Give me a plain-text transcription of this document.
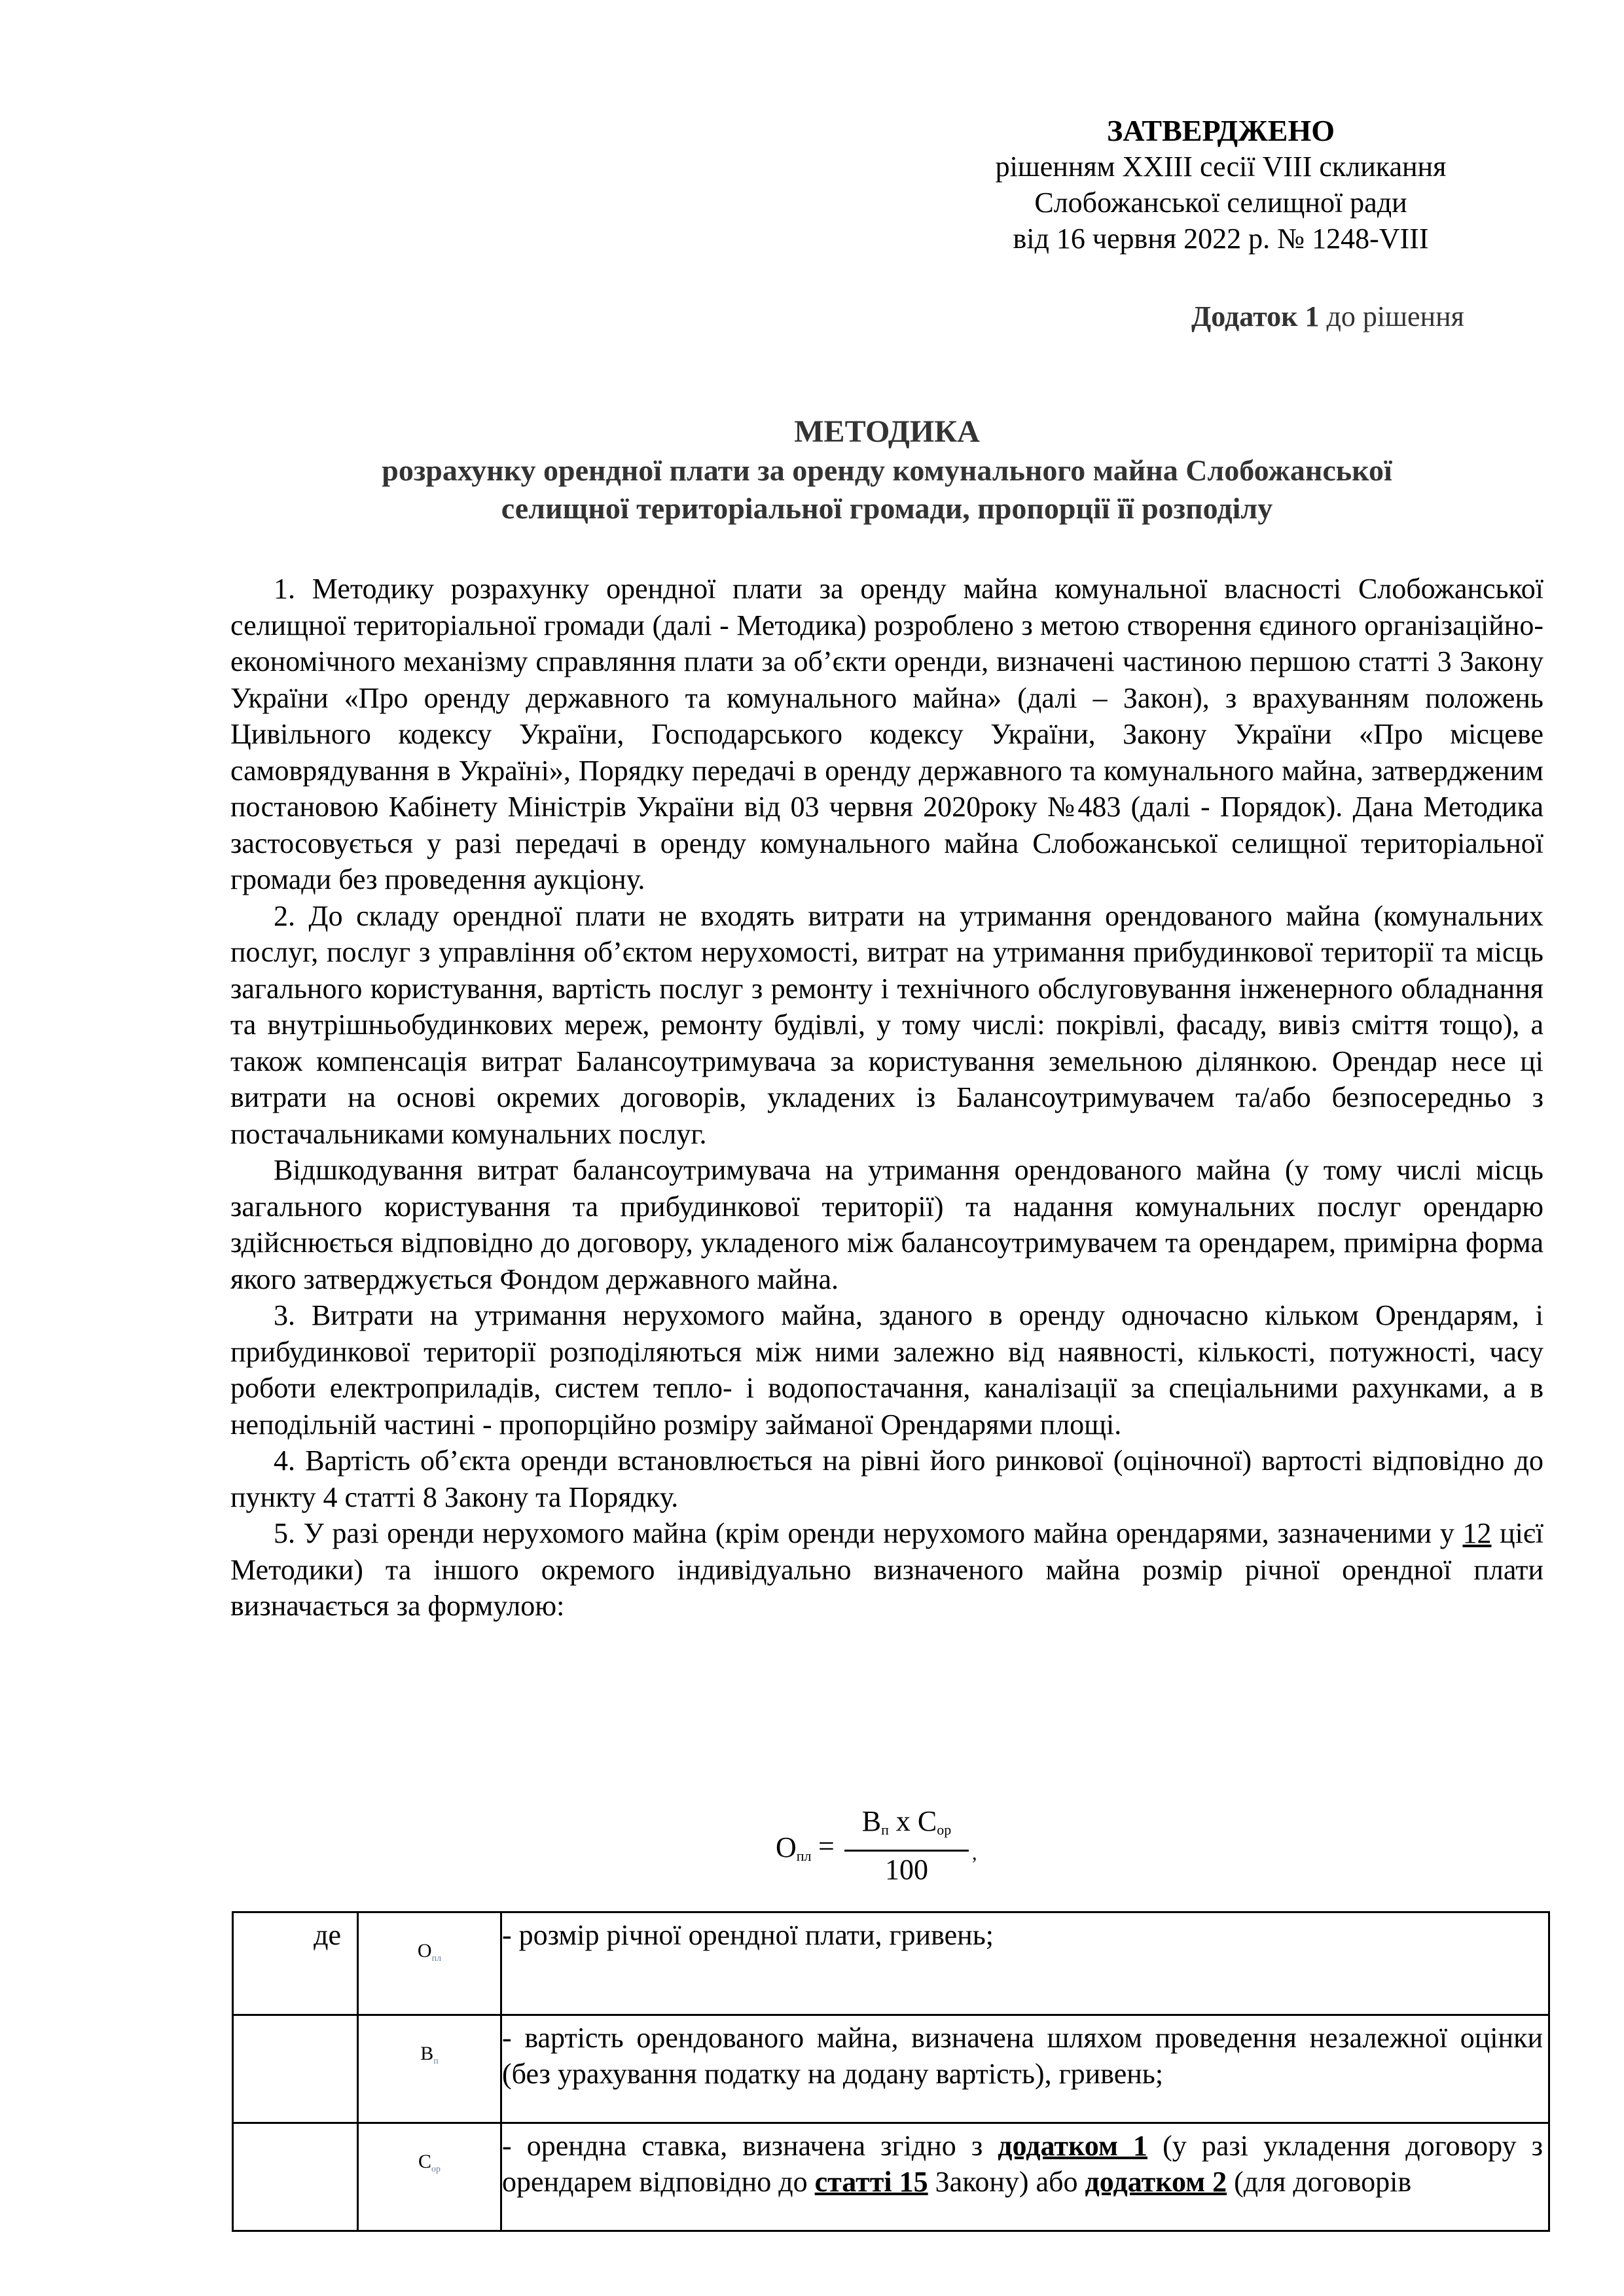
ЗАТВЕРДЖЕНО
рішенням XXIII сесії VIII скликання
Слобожанської селищної ради
від 16 червня 2022 р. № 1248-VIII
Додаток 1 до рішення
МЕТОДИКА
розрахунку орендної плати за оренду комунального майна Слобожанської
селищної територіальної громади, пропорції її розподілу

1. Методику розрахунку орендної плати за оренду майна комунальної власності Слобожанської селищної територіальної громади (далі - Методика) розроблено з метою створення єдиного організаційно-економічного механізму справляння плати за об’єкти оренди, визначені частиною першою статті 3 Закону України «Про оренду державного та комунального майна» (далі – Закон), з врахуванням положень Цивільного кодексу України, Господарського кодексу України, Закону України «Про місцеве самоврядування в Україні», Порядку передачі в оренду державного та комунального майна, затвердженим постановою Кабінету Міністрів України від 03 червня 2020року №483 (далі - Порядок). Дана Методика застосовується у разі передачі в оренду комунального майна Слобожанської селищної територіальної громади без проведення аукціону.

2. До складу орендної плати не входять витрати на утримання орендованого майна (комунальних послуг, послуг з управління об’єктом нерухомості, витрат на утримання прибудинкової території та місць загального користування, вартість послуг з ремонту і технічного обслуговування інженерного обладнання та внутрішньобудинкових мереж, ремонту будівлі, у тому числі: покрівлі, фасаду, вивіз сміття тощо), а також компенсація витрат Балансоутримувача за користування земельною ділянкою. Орендар несе ці витрати на основі окремих договорів, укладених із Балансоутримувачем та/або безпосередньо з постачальниками комунальних послуг.

Відшкодування витрат балансоутримувача на утримання орендованого майна (у тому числі місць загального користування та прибудинкової території) та надання комунальних послуг орендарю здійснюється відповідно до договору, укладеного між балансоутримувачем та орендарем, примірна форма якого затверджується Фондом державного майна.

3. Витрати на утримання нерухомого майна, зданого в оренду одночасно кільком Орендарям, і прибудинкової території розподіляються між ними залежно від наявності, кількості, потужності, часу роботи електроприладів, систем тепло- і водопостачання, каналізації за спеціальними рахунками, а в неподільній частині - пропорційно розміру займаної Орендарями площі.

4. Вартість об’єкта оренди встановлюється на рівні його ринкової (оціночної) вартості відповідно до пункту 4 статті 8 Закону та Порядку.

5. У разі оренди нерухомого майна (крім оренди нерухомого майна орендарями, зазначеними у 12 цієї Методики) та іншого окремого індивідуально визначеного майна розмір річної орендної плати визначається за формулою:

$О_{пл}$ =
$В_п$ х $С_{ор}$
100
,
де	$О_{пл}$	- розмір річної орендної плати, гривень;
	$В_п$	- вартість орендованого майна, визначена шляхом проведення незалежної оцінки (без урахування податку на додану вартість), гривень;
	$С_{ор}$	- орендна ставка, визначена згідно з додатком 1 (у разі укладення договору з орендарем відповідно до статті 15 Закону) або додатком 2 (для договорів
